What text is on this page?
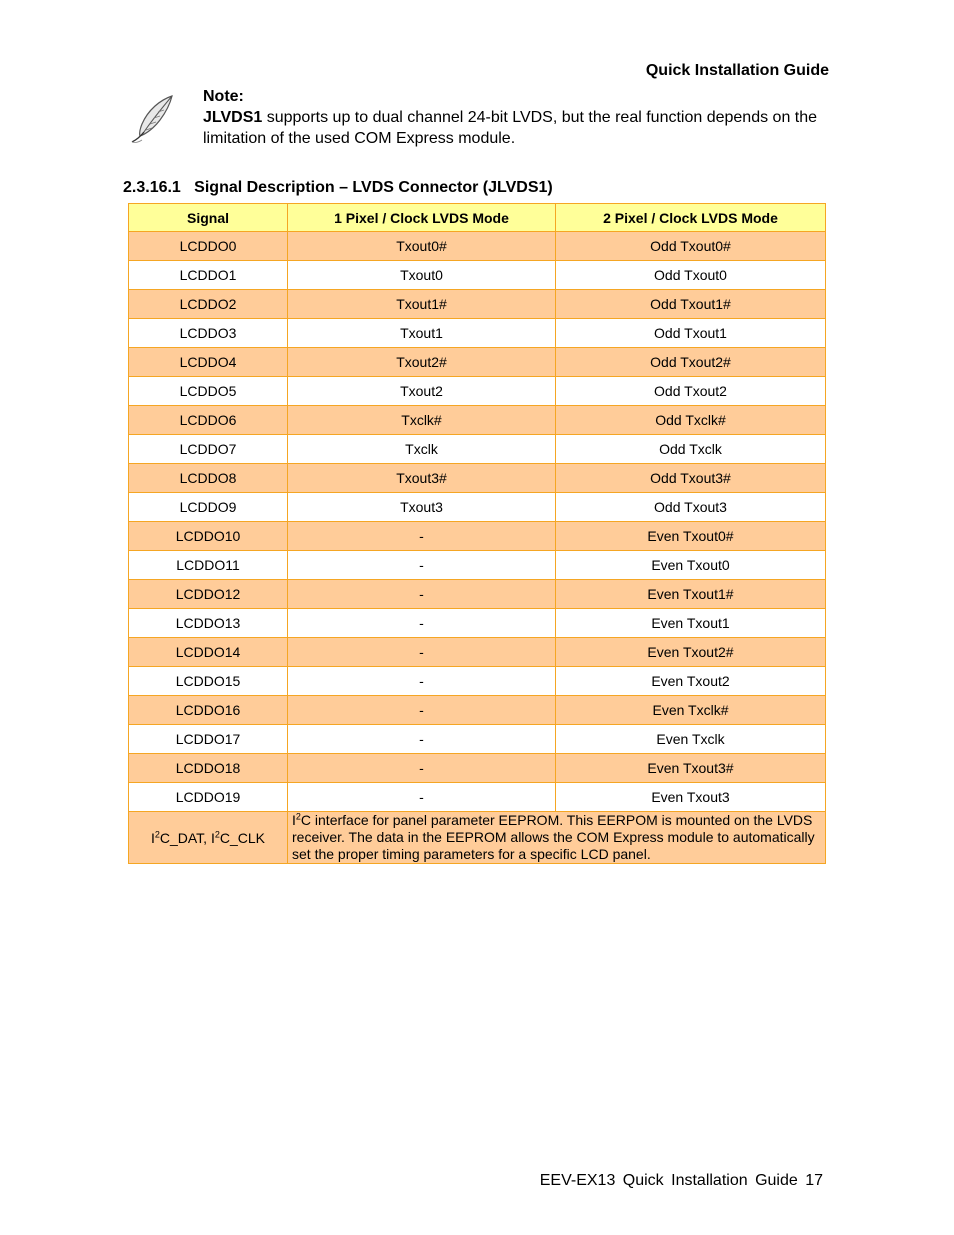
Quick Installation Guide
Note:
JLVDS1 supports up to dual channel 24-bit LVDS, but the real function depends on the limitation of the used COM Express module.
2.3.16.1 Signal Description – LVDS Connector (JLVDS1)
Signal	1 Pixel / Clock LVDS Mode	2 Pixel / Clock LVDS Mode
LCDDO0	Txout0#	Odd Txout0#
LCDDO1	Txout0	Odd Txout0
LCDDO2	Txout1#	Odd Txout1#
LCDDO3	Txout1	Odd Txout1
LCDDO4	Txout2#	Odd Txout2#
LCDDO5	Txout2	Odd Txout2
LCDDO6	Txclk#	Odd Txclk#
LCDDO7	Txclk	Odd Txclk
LCDDO8	Txout3#	Odd Txout3#
LCDDO9	Txout3	Odd Txout3
LCDDO10	-	Even Txout0#
LCDDO11	-	Even Txout0
LCDDO12	-	Even Txout1#
LCDDO13	-	Even Txout1
LCDDO14	-	Even Txout2#
LCDDO15	-	Even Txout2
LCDDO16	-	Even Txclk#
LCDDO17	-	Even Txclk
LCDDO18	-	Even Txout3#
LCDDO19	-	Even Txout3
$I^2C\_DAT$, $I^2C\_CLK$	$I^2C$ interface for panel parameter EEPROM. This EERPOM is mounted on the LVDS receiver. The data in the EEPROM allows the COM Express module to automatically set the proper timing parameters for a specific LCD panel.	
EEV-EX13 Quick Installation Guide 17
